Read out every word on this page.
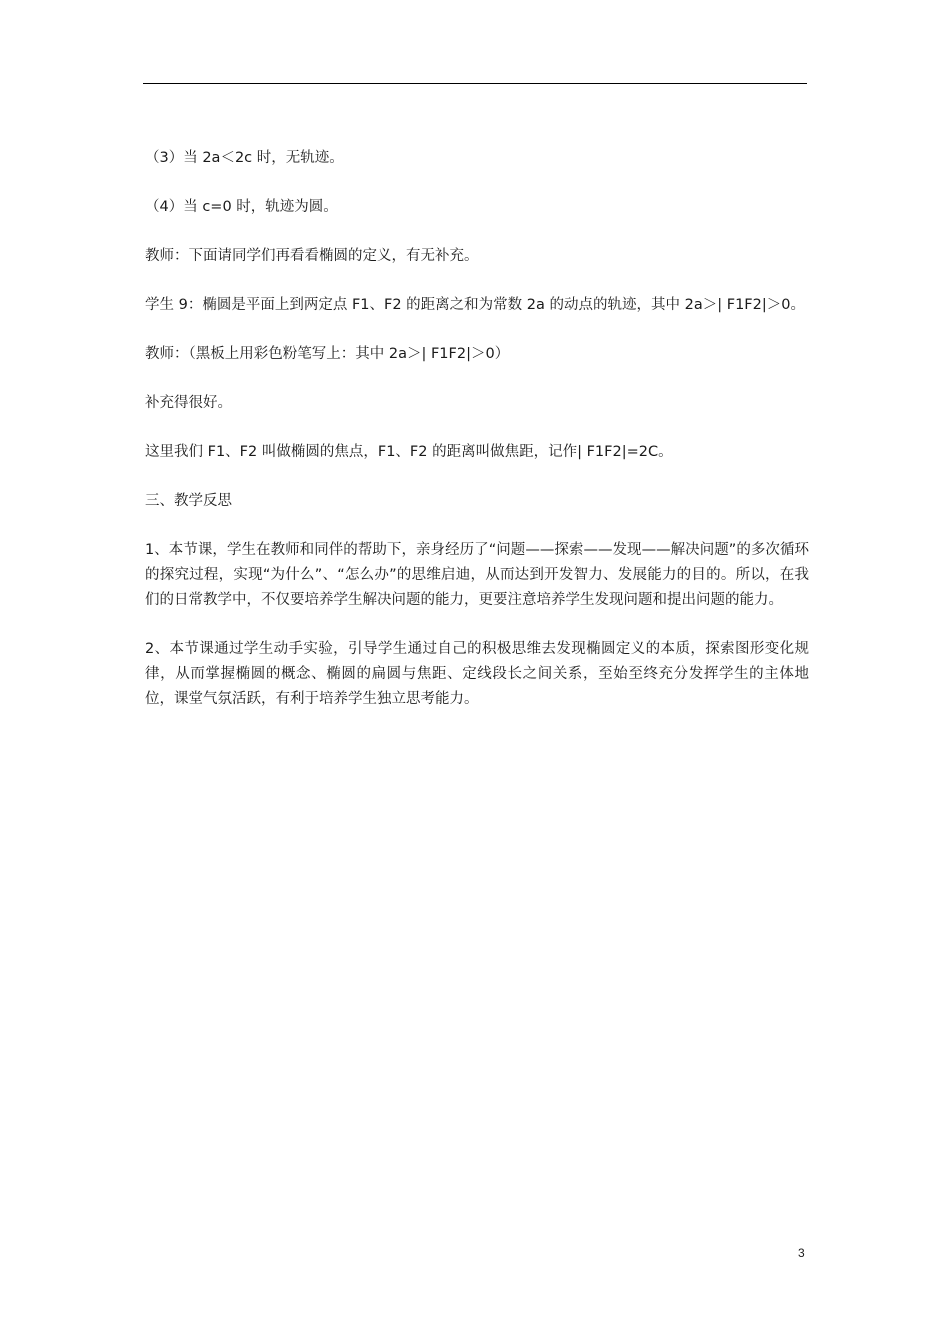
（3）当 2a＜2c 时，无轨迹。

（4）当 c=0 时，轨迹为圆。

教师：下面请同学们再看看椭圆的定义，有无补充。

学生 9：椭圆是平面上到两定点 F1、F2 的距离之和为常数 2a 的动点的轨迹，其中 2a＞| F1F2|＞0。

教师：（黑板上用彩色粉笔写上：其中 2a＞| F1F2|＞0）

补充得很好。

这里我们 F1、F2 叫做椭圆的焦点，F1、F2 的距离叫做焦距，记作| F1F2|=2C。

三、教学反思

1、本节课，学生在教师和同伴的帮助下，亲身经历了“问题——探索——发现——解决问题”的多次循环的探究过程，实现“为什么”、“怎么办”的思维启迪，从而达到开发智力、发展能力的目的。所以，在我们的日常教学中，不仅要培养学生解决问题的能力，更要注意培养学生发现问题和提出问题的能力。

2、本节课通过学生动手实验，引导学生通过自己的积极思维去发现椭圆定义的本质，探索图形变化规律，从而掌握椭圆的概念、椭圆的扁圆与焦距、定线段长之间关系，至始至终充分发挥学生的主体地位，课堂气氛活跃，有利于培养学生独立思考能力。

3
